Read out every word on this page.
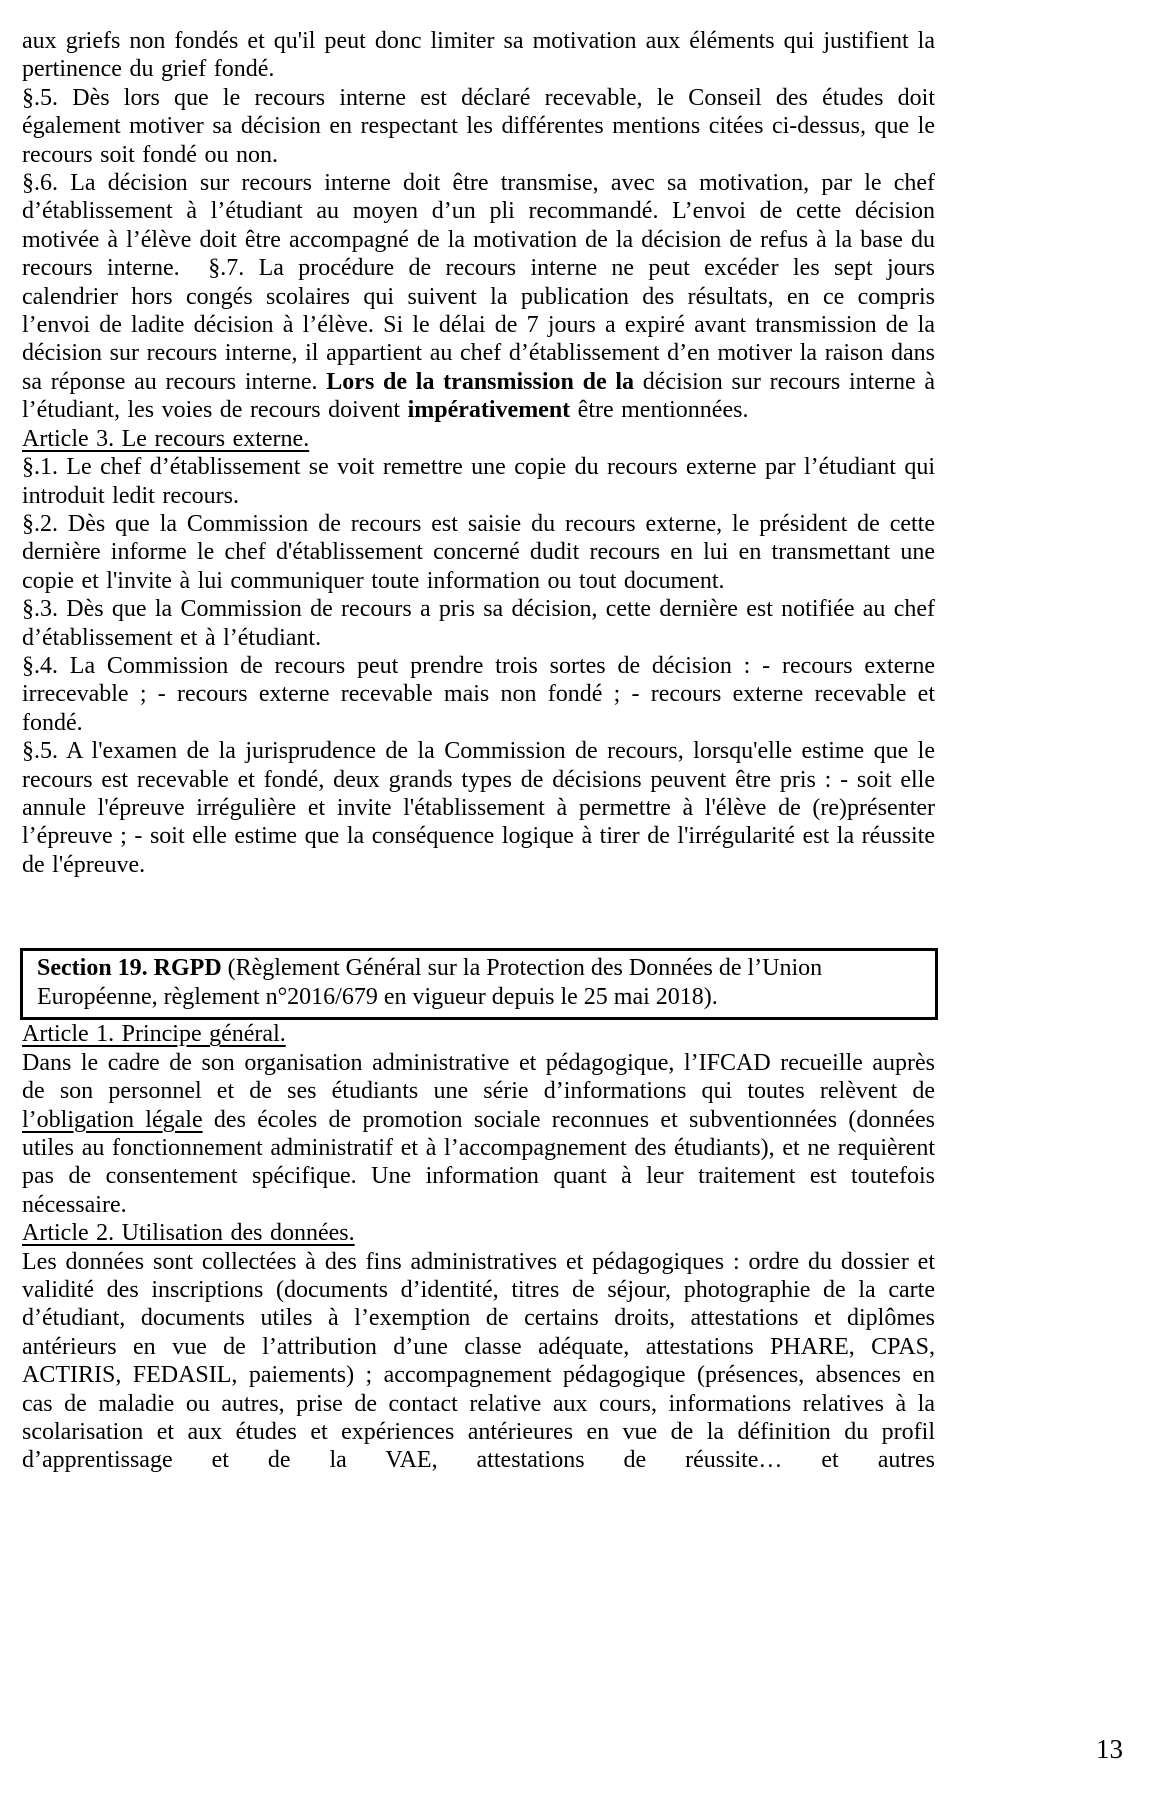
aux griefs non fondés et qu'il peut donc limiter sa motivation aux éléments qui justifient la pertinence du grief fondé.

§.5. Dès lors que le recours interne est déclaré recevable, le Conseil des études doit également motiver sa décision en respectant les différentes mentions citées ci-dessus, que le recours soit fondé ou non.

§.6. La décision sur recours interne doit être transmise, avec sa motivation, par le chef d’établissement à l’étudiant au moyen d’un pli recommandé. L’envoi de cette décision motivée à l’élève doit être accompagné de la motivation de la décision de refus à la base du recours interne.  §.7. La procédure de recours interne ne peut excéder les sept jours calendrier hors congés scolaires qui suivent la publication des résultats, en ce compris l’envoi de ladite décision à l’élève. Si le délai de 7 jours a expiré avant transmission de la décision sur recours interne, il appartient au chef d’établissement d’en motiver la raison dans sa réponse au recours interne. Lors de la transmission de la décision sur recours interne à l’étudiant, les voies de recours doivent impérativement être mentionnées.

Article 3. Le recours externe.

§.1. Le chef d’établissement se voit remettre une copie du recours externe par l’étudiant qui introduit ledit recours.

§.2. Dès que la Commission de recours est saisie du recours externe, le président de cette dernière informe le chef d'établissement concerné dudit recours en lui en transmettant une copie et l'invite à lui communiquer toute information ou tout document.

§.3. Dès que la Commission de recours a pris sa décision, cette dernière est notifiée au chef d’établissement et à l’étudiant.

§.4. La Commission de recours peut prendre trois sortes de décision : - recours externe irrecevable ; - recours externe recevable mais non fondé ; - recours externe recevable et fondé.

§.5. A l'examen de la jurisprudence de la Commission de recours, lorsqu'elle estime que le recours est recevable et fondé, deux grands types de décisions peuvent être pris : - soit elle annule l'épreuve irrégulière et invite l'établissement à permettre à l'élève de (re)présenter l’épreuve ; - soit elle estime que la conséquence logique à tirer de l'irrégularité est la réussite de l'épreuve.

Section 19. RGPD (Règlement Général sur la Protection des Données de l’Union Européenne, règlement n°2016/679 en vigueur depuis le 25 mai 2018).

Article 1. Principe général.

Dans le cadre de son organisation administrative et pédagogique, l’IFCAD recueille auprès de son personnel et de ses étudiants une série d’informations qui toutes relèvent de l’obligation légale des écoles de promotion sociale reconnues et subventionnées (données utiles au fonctionnement administratif et à l’accompagnement des étudiants), et ne requièrent pas de consentement spécifique. Une information quant à leur traitement est toutefois nécessaire.

Article 2. Utilisation des données.

Les données sont collectées à des fins administratives et pédagogiques : ordre du dossier et validité des inscriptions (documents d’identité, titres de séjour, photographie de la carte d’étudiant, documents utiles à l’exemption de certains droits, attestations et diplômes antérieurs en vue de l’attribution d’une classe adéquate, attestations PHARE, CPAS, ACTIRIS, FEDASIL, paiements) ; accompagnement pédagogique (présences, absences en cas de maladie ou autres, prise de contact relative aux cours, informations relatives à la scolarisation et aux études et expériences antérieures en vue de la définition du profil d’apprentissage et de la VAE, attestations de réussite… et autres

13
